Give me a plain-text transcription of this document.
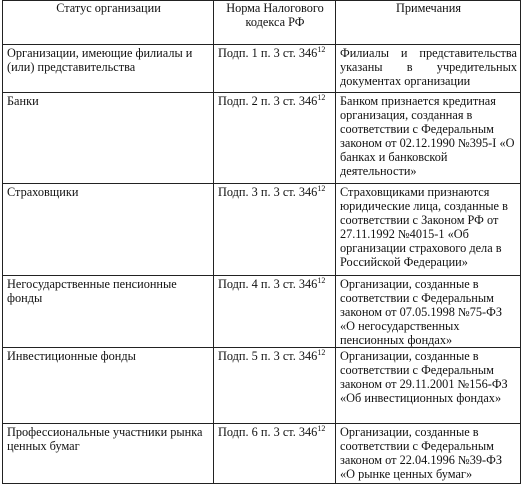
Статус организации	Норма Налогового кодекса РФ	Примечания
Организации, имеющие филиалы и (или) представительства	Подп. 1 п. 3 ст. $346^{12}$	Филиалы и представительства указаны в учредительных документах организации
Банки	Подп. 2 п. 3 ст. $346^{12}$	Банком признается кредитная организация, созданная в соответствии с Федеральным законом от 02.12.1990 №395-I «О банках и банковской деятельности»
Страховщики	Подп. 3 п. 3 ст. $346^{12}$	Страховщиками признаются юридические лица, созданные в соответствии с Законом РФ от 27.11.1992 №4015-1 «Об организации страхового дела в Российской Федерации»
Негосударственные пенсионные фонды	Подп. 4 п. 3 ст. $346^{12}$	Организации, созданные в соответствии с Федеральным законом от 07.05.1998 №75-ФЗ «О негосударственных пенсионных фондах»
Инвестиционные фонды	Подп. 5 п. 3 ст. $346^{12}$	Организации, созданные в соответствии с Федеральным законом от 29.11.2001 №156-ФЗ «Об инвестиционных фондах»
Профессиональные участники рынка ценных бумаг	Подп. 6 п. 3 ст. $346^{12}$	Организации, созданные в соответствии с Федеральным законом от 22.04.1996 №39-ФЗ «О рынке ценных бумаг»
